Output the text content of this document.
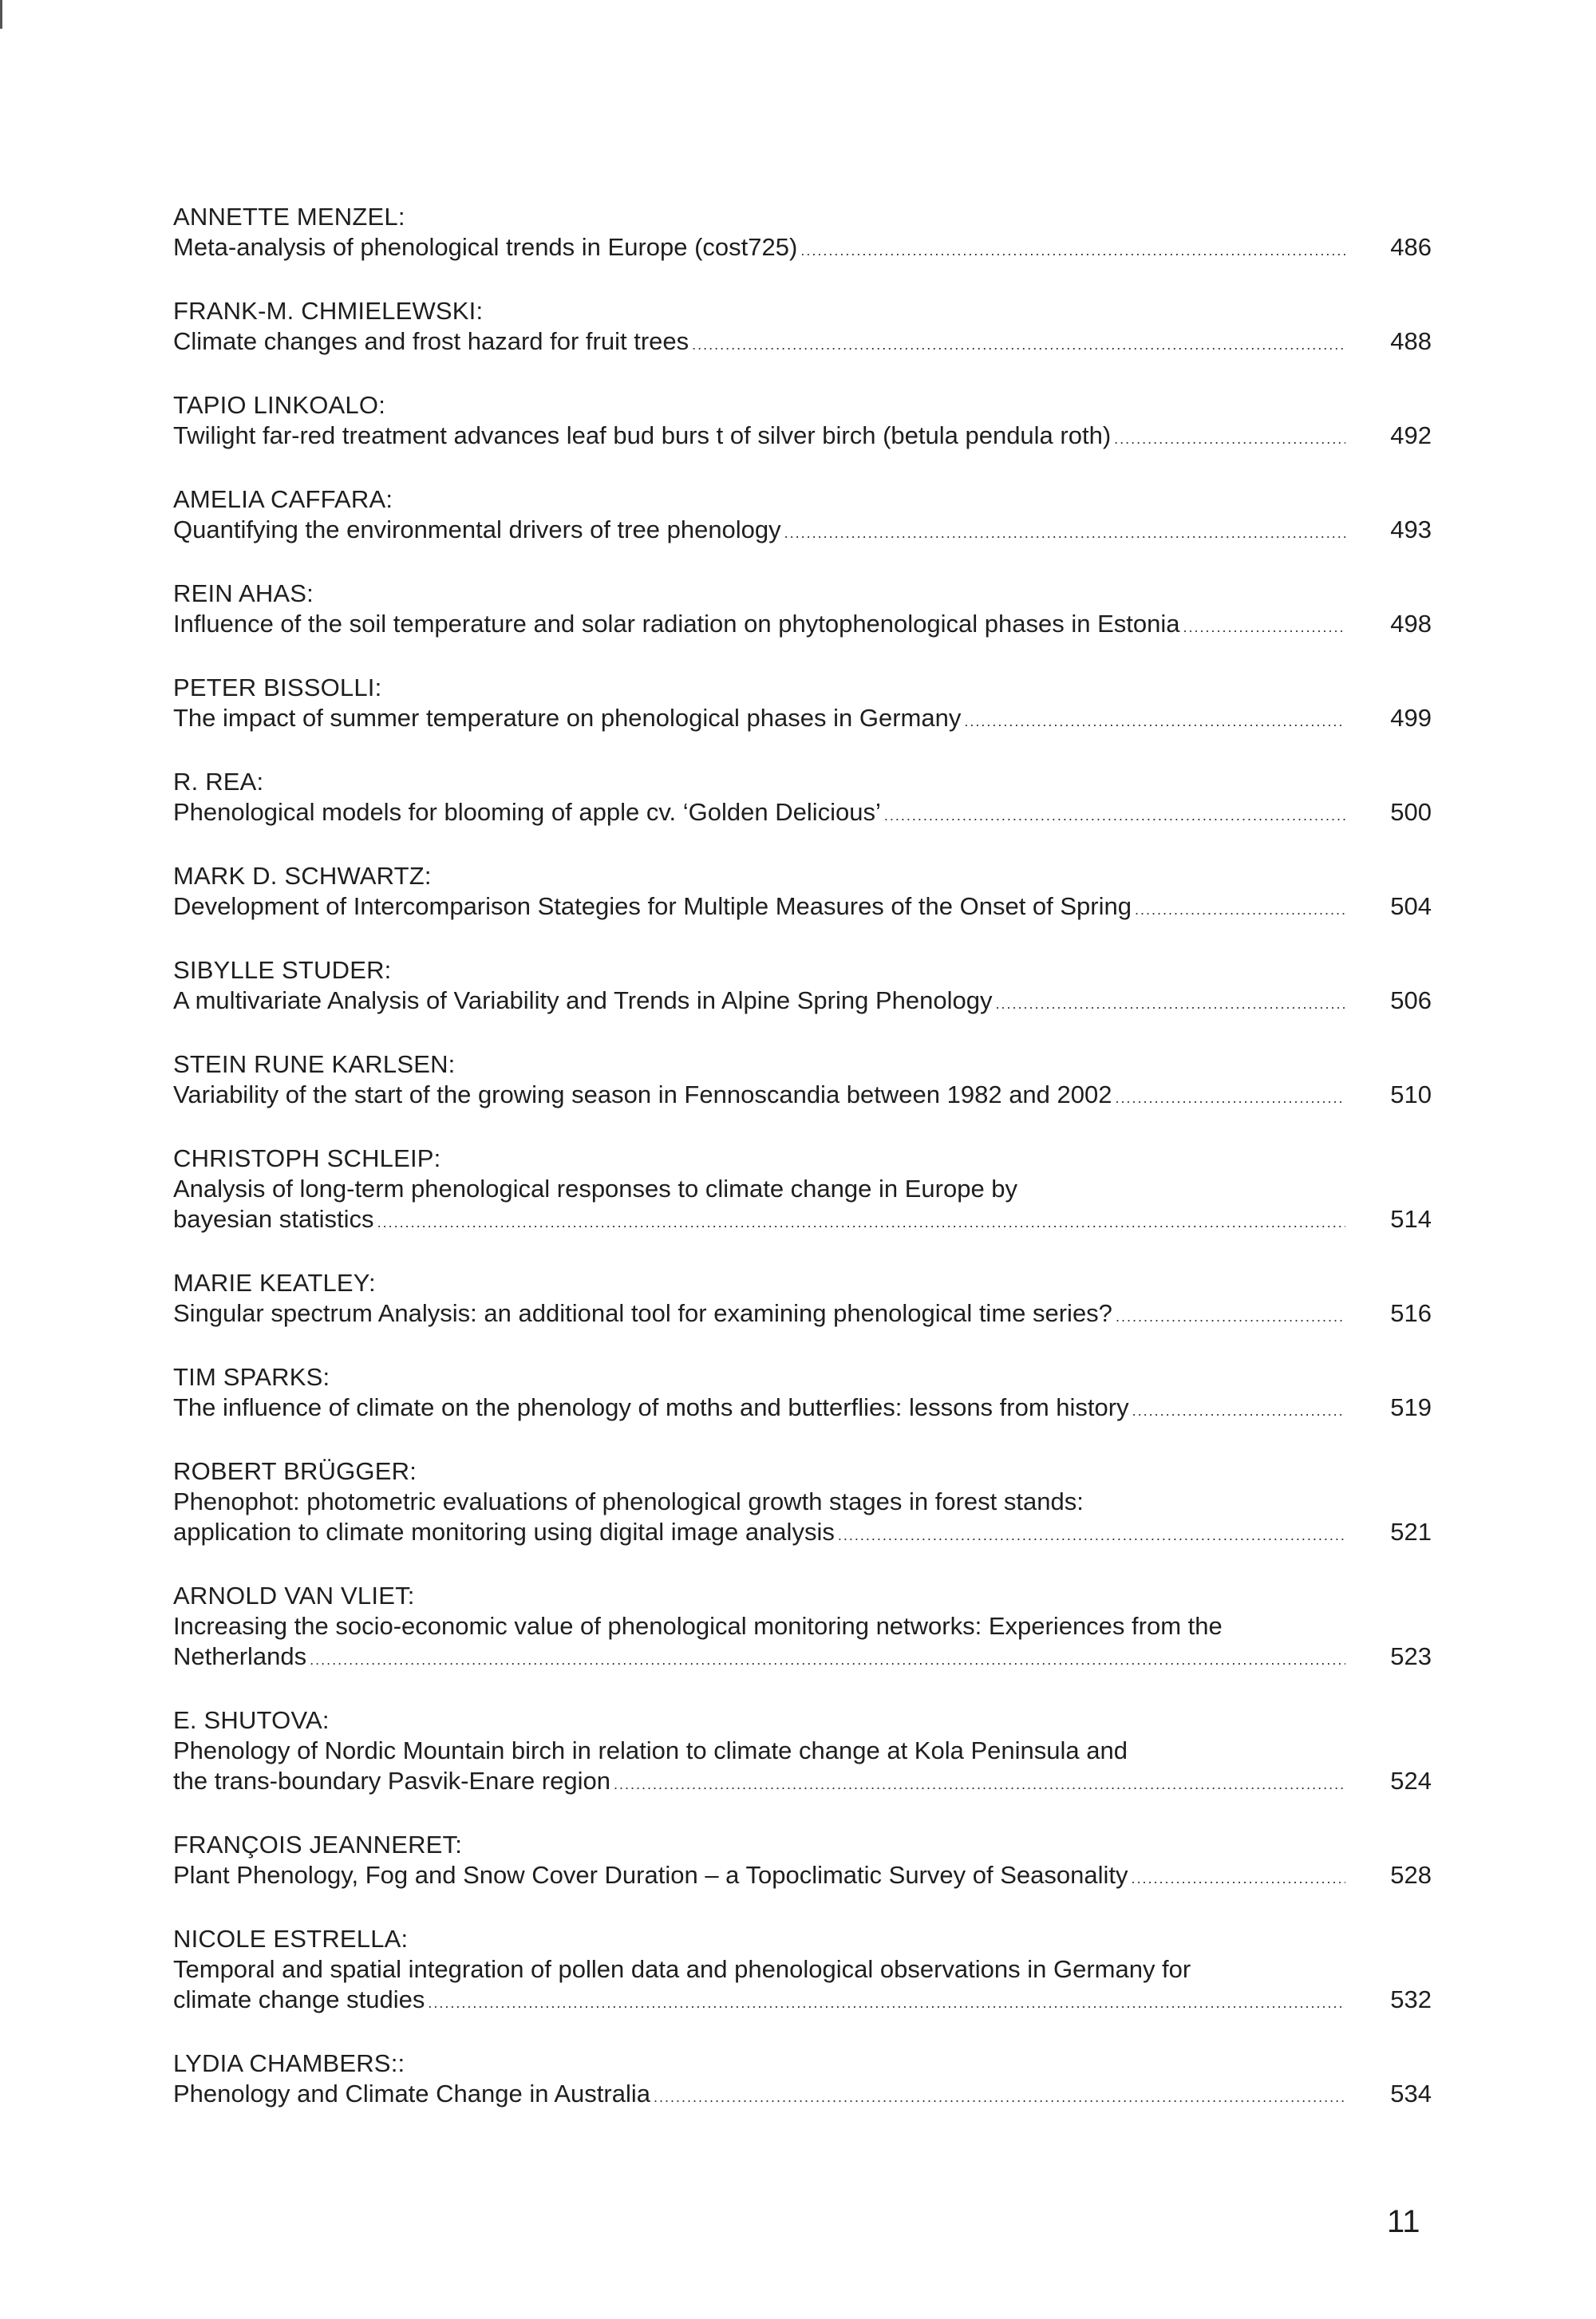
ANNETTE MENZEL:
Meta-analysis of phenological trends in Europe (cost725) .....	486
FRANK-M. CHMIELEWSKI:
Climate changes and frost hazard for fruit trees .....	488
TAPIO LINKOALO:
Twilight far-red treatment advances leaf bud burs t of silver birch (betula pendula roth) .....	492
AMELIA CAFFARA:
Quantifying the environmental drivers of tree phenology .....	493
REIN AHAS:
Influence of the soil temperature and solar radiation on phytophenological phases in Estonia .....	498
PETER BISSOLLI:
The impact of summer temperature on phenological phases in Germany .....	499
R. REA:
Phenological models for blooming of apple cv. ‘Golden Delicious’ .....	500
MARK D. SCHWARTZ:
Development of Intercomparison Stategies for Multiple Measures of the Onset of Spring .....	504
SIBYLLE STUDER:
A multivariate Analysis of Variability and Trends in Alpine Spring Phenology .....	506
STEIN RUNE KARLSEN:
Variability of the start of the growing season in Fennoscandia between 1982 and 2002 .....	510
CHRISTOPH SCHLEIP:
Analysis of long-term phenological responses to climate change in Europe by
bayesian statistics .....	514
MARIE KEATLEY:
Singular spectrum Analysis: an additional tool for examining phenological time series? .....	516
TIM SPARKS:
The influence of climate on the phenology of moths and butterflies: lessons from history .....	519
ROBERT BRÜGGER:
Phenophot: photometric evaluations of phenological growth stages in forest stands:
application to climate monitoring using digital image analysis .....	521
ARNOLD VAN VLIET:
Increasing the socio-economic value of phenological monitoring networks: Experiences from the
Netherlands .....	523
E. SHUTOVA:
Phenology of Nordic Mountain birch in relation to climate change at Kola Peninsula and
the trans-boundary Pasvik-Enare region .....	524
FRANÇOIS JEANNERET:
Plant Phenology, Fog and Snow Cover Duration – a Topoclimatic Survey of Seasonality .....	528
NICOLE ESTRELLA:
Temporal and spatial integration of pollen data and phenological observations in Germany for
climate change studies .....	532
LYDIA CHAMBERS::
Phenology and Climate Change in Australia .....	534
11
